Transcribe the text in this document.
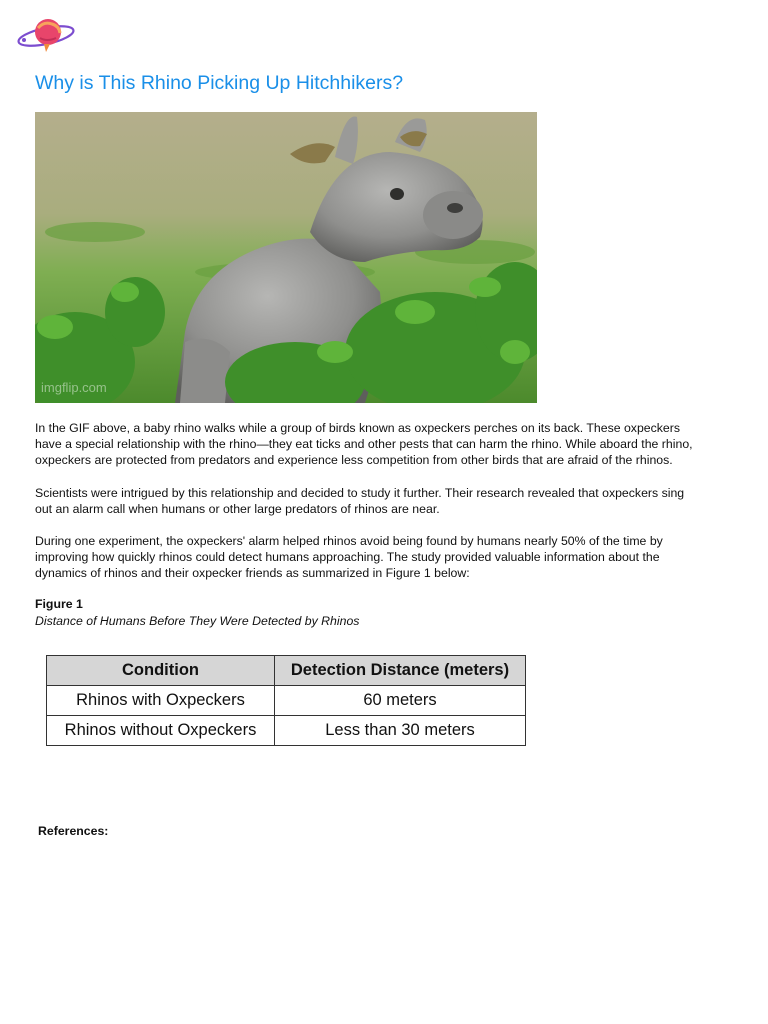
Why is This Rhino Picking Up Hitchhikers?
imgflip.com
In the GIF above, a baby rhino walks while a group of birds known as oxpeckers perches on its back. These oxpeckers
have a special relationship with the rhino—they eat ticks and other pests that can harm the rhino. While aboard the rhino,
oxpeckers are protected from predators and experience less competition from other birds that are afraid of the rhinos.
Scientists were intrigued by this relationship and decided to study it further. Their research revealed that oxpeckers sing
out an alarm call when humans or other large predators of rhinos are near.
During one experiment, the oxpeckers' alarm helped rhinos avoid being found by humans nearly 50% of the time by
improving how quickly rhinos could detect humans approaching. The study provided valuable information about the
dynamics of rhinos and their oxpecker friends as summarized in Figure 1 below:
Figure 1
Distance of Humans Before They Were Detected by Rhinos
Condition	Detection Distance (meters)
Rhinos with Oxpeckers	60 meters
Rhinos without Oxpeckers	Less than 30 meters
References:
